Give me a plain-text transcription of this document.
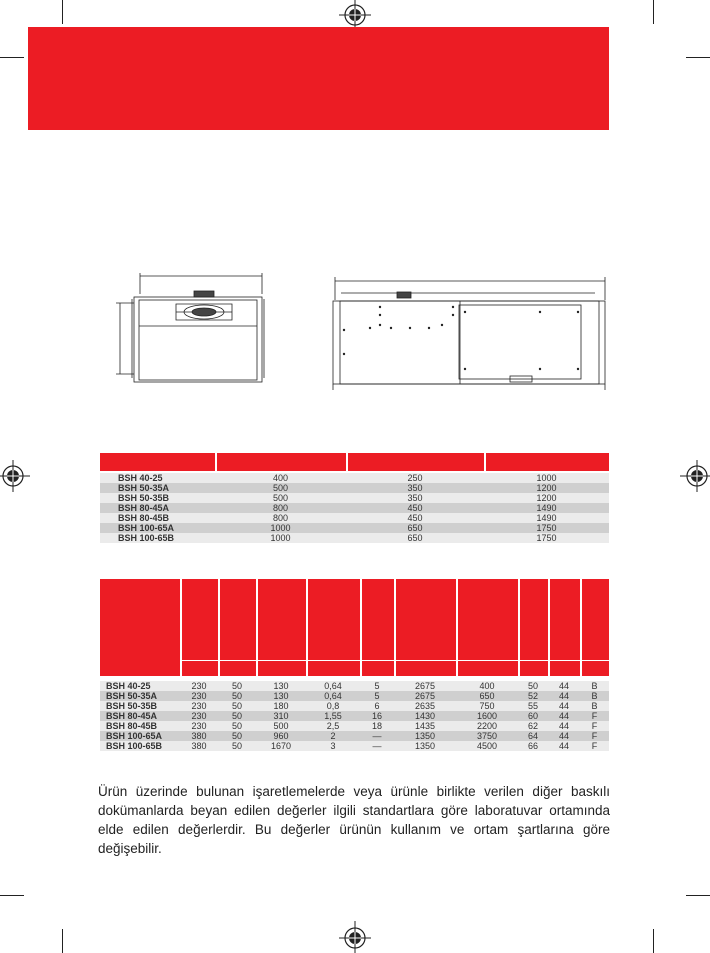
BSH 40-25	400	250	1000
BSH 50-35A	500	350	1200
BSH 50-35B	500	350	1200
BSH 80-45A	800	450	1490
BSH 80-45B	800	450	1490
BSH 100-65A	1000	650	1750
BSH 100-65B	1000	650	1750
BSH 40-25	230	50	130	0,64	5	2675	400	50	44	B
BSH 50-35A	230	50	130	0,64	5	2675	650	52	44	B
BSH 50-35B	230	50	180	0,8	6	2635	750	55	44	B
BSH 80-45A	230	50	310	1,55	16	1430	1600	60	44	F
BSH 80-45B	230	50	500	2,5	18	1435	2200	62	44	F
BSH 100-65A	380	50	960	2	—	1350	3750	64	44	F
BSH 100-65B	380	50	1670	3	—	1350	4500	66	44	F

Ürün üzerinde bulunan işaretlemelerde veya ürünle birlikte verilen diğer baskılı dokümanlarda beyan edilen değerler ilgili standartlara göre laboratuvar ortamında elde edilen değerlerdir. Bu değerler ürünün kullanım ve ortam şartlarına göre değişebilir.
